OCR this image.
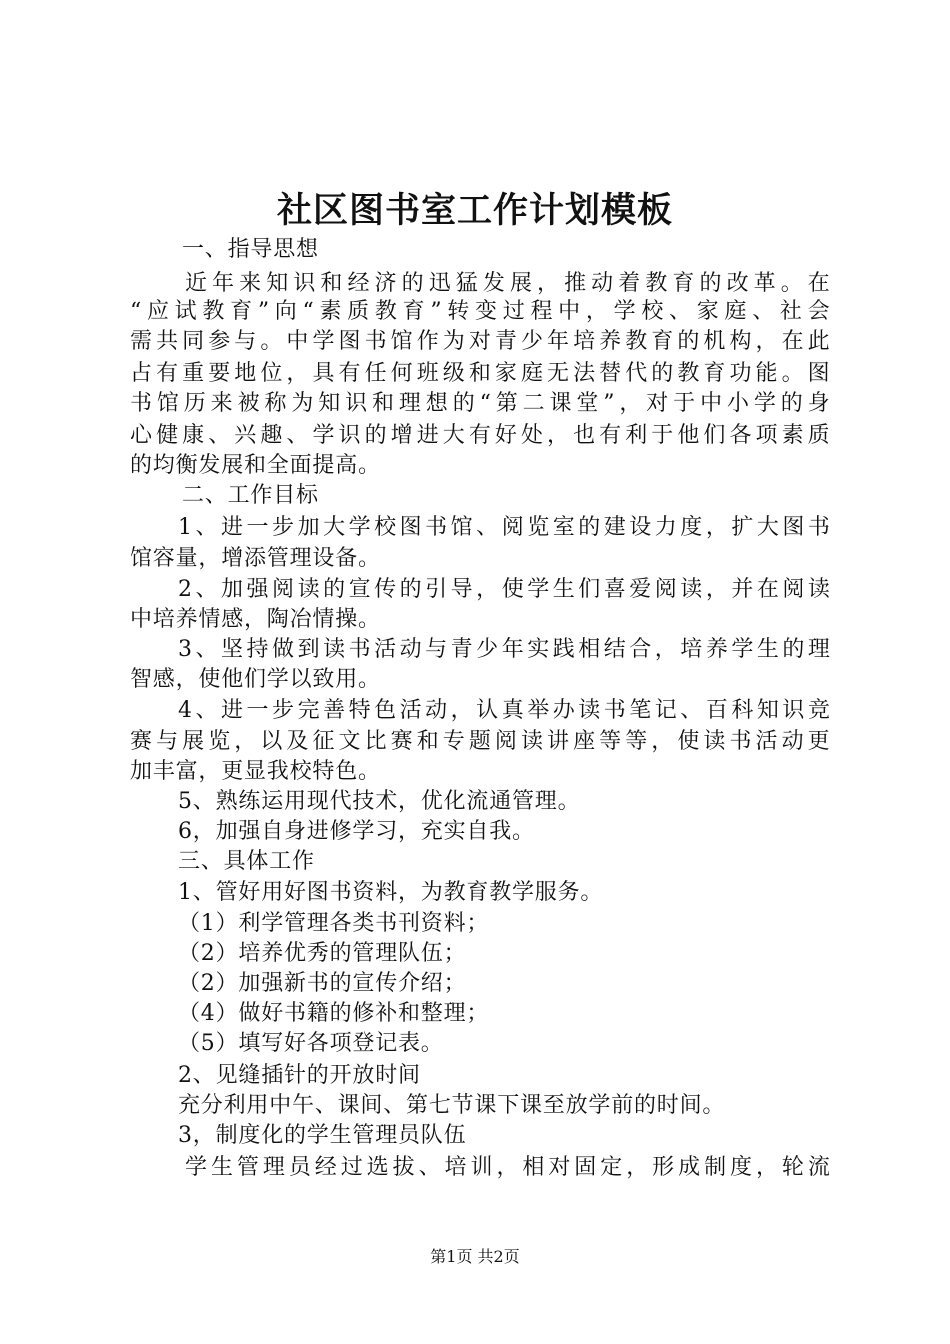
社区图书室工作计划模板
一、指导思想
近 年 来 知 识 和 经 济 的 迅 猛 发 展 ， 推 动 着 教 育 的 改 革 。 在
“ 应 试 教 育 ” 向 “ 素 质 教 育 ” 转 变 过 程 中 ， 学 校 、 家 庭 、 社 会
需 共 同 参 与 。 中 学 图 书 馆 作 为 对 青 少 年 培 养 教 育 的 机 构 ， 在 此
占 有 重 要 地 位 ， 具 有 任 何 班 级 和 家 庭 无 法 替 代 的 教 育 功 能 。 图
书 馆 历 来 被 称 为 知 识 和 理 想 的 “ 第 二 课 堂 ” ， 对 于 中 小 学 的 身
心 健 康 、 兴 趣 、 学 识 的 增 进 大 有 好 处 ， 也 有 利 于 他 们 各 项 素 质
的均衡发展和全面提高。
二、工作目标
1 、 进 一 步 加 大 学 校 图 书 馆 、 阅 览 室 的 建 设 力 度 ， 扩 大 图 书
馆容量，增添管理设备。
2 、 加 强 阅 读 的 宣 传 的 引 导 ， 使 学 生 们 喜 爱 阅 读 ， 并 在 阅 读
中培养情感，陶冶情操。
3 、 坚 持 做 到 读 书 活 动 与 青 少 年 实 践 相 结 合 ， 培 养 学 生 的 理
智感，使他们学以致用。
4 、 进 一 步 完 善 特 色 活 动 ， 认 真 举 办 读 书 笔 记 、 百 科 知 识 竞
赛 与 展 览 ， 以 及 征 文 比 赛 和 专 题 阅 读 讲 座 等 等 ， 使 读 书 活 动 更
加丰富，更显我校特色。
5、熟练运用现代技术，优化流通管理。
6，加强自身进修学习，充实自我。
三、具体工作
1、管好用好图书资料，为教育教学服务。
（1）利学管理各类书刊资料；
（2）培养优秀的管理队伍；
（2）加强新书的宣传介绍；
（4）做好书籍的修补和整理；
（5）填写好各项登记表。
2、见缝插针的开放时间
充分利用中午、课间、第七节课下课至放学前的时间。
3，制度化的学生管理员队伍
学 生 管 理 员 经 过 选 拔 、 培 训 ， 相 对 固 定 ， 形 成 制 度 ， 轮 流
第1页 共2页
